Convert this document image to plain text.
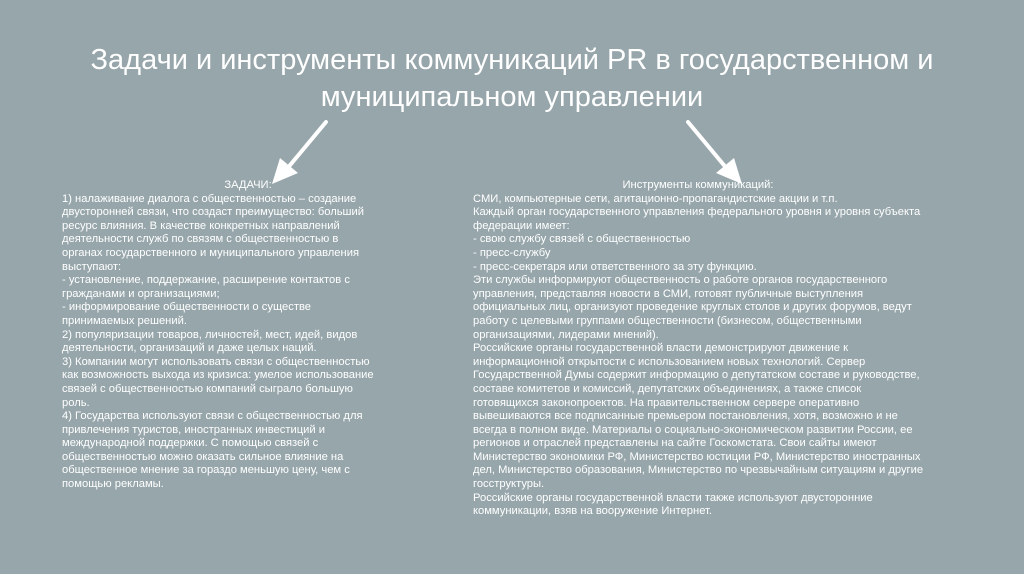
Задачи и инструменты коммуникаций PR в государственном и
муниципальном управлении

ЗАДАЧИ:

1) налаживание диалога с общественностью – создание

двусторонней связи, что создаст преимущество: больший

ресурс влияния. В качестве конкретных направлений

деятельности служб по связям с общественностью в

органах государственного и муниципального управления

выступают:

- установление, поддержание, расширение контактов с

гражданами и организациями;

- информирование общественности о существе

принимаемых решений.

2) популяризации товаров, личностей, мест, идей, видов

деятельности, организаций и даже целых наций.

3) Компании могут использовать связи с общественностью

как возможность выхода из кризиса: умелое использование

связей с общественностью компаний сыграло большую

роль.

4) Государства используют связи с общественностью для

привлечения туристов, иностранных инвестиций и

международной поддержки. С помощью связей с

общественностью можно оказать сильное влияние на

общественное мнение за гораздо меньшую цену, чем с

помощью рекламы.

Инструменты коммуникаций:

СМИ, компьютерные сети, агитационно-пропагандистские акции и т.п.

Каждый орган государственного управления федерального уровня и уровня субъекта

федерации имеет:

- свою службу связей с общественностью

- пресс-службу

- пресс-секретаря или ответственного за эту функцию.

Эти службы информируют общественность о работе органов государственного

управления, представляя новости в СМИ, готовят публичные выступления

официальных лиц, организуют проведение круглых столов и других форумов, ведут

работу с целевыми группами общественности (бизнесом, общественными

организациями, лидерами мнений).

Российские органы государственной власти демонстрируют движение к

информационной открытости с использованием новых технологий. Сервер

Государственной Думы содержит информацию о депутатском составе и руководстве,

составе комитетов и комиссий, депутатских объединениях, а также список

готовящихся законопроектов. На правительственном сервере оперативно

вывешиваются все подписанные премьером постановления, хотя, возможно и не

всегда в полном виде. Материалы о социально-экономическом развитии России, ее

регионов и отраслей представлены на сайте Госкомстата. Свои сайты имеют

Министерство экономики РФ, Министерство юстиции РФ, Министерство иностранных

дел, Министерство образования, Министерство по чрезвычайным ситуациям и другие

госструктуры.

Российские органы государственной власти также используют двусторонние

коммуникации, взяв на вооружение Интернет.
